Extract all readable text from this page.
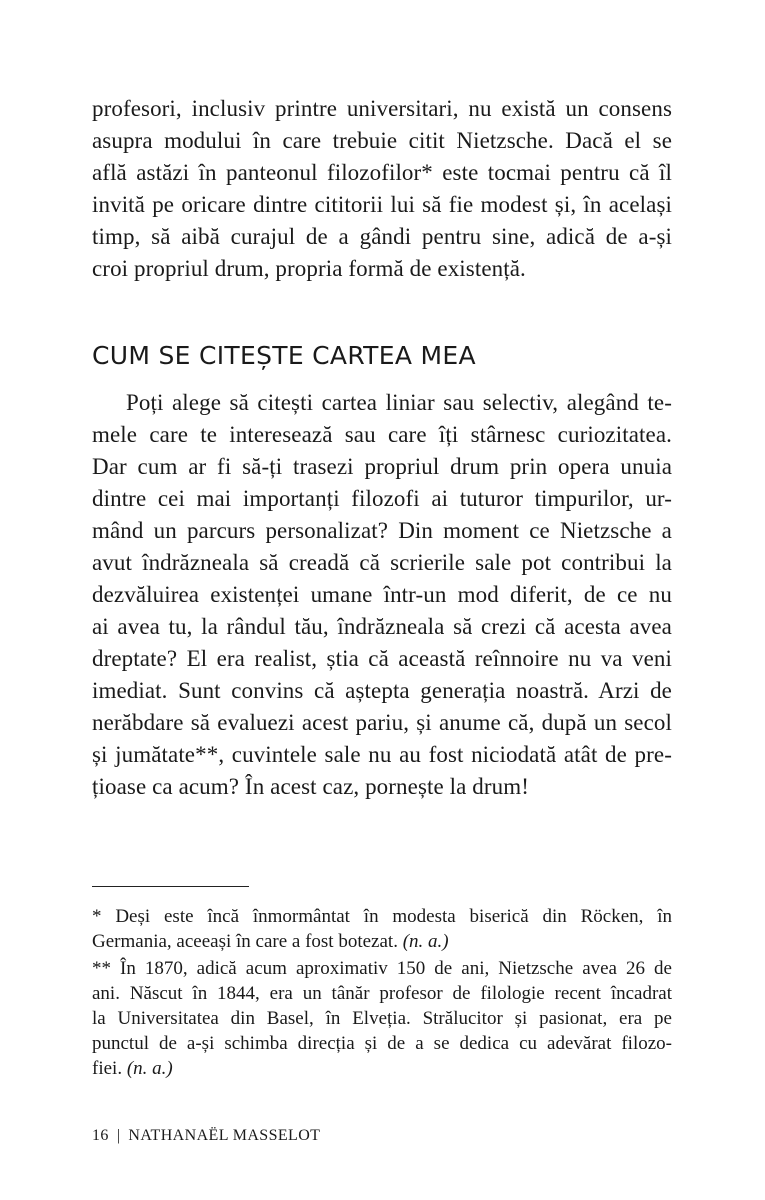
profesori, inclusiv printre universitari, nu există un consens
asupra modului în care trebuie citit Nietzsche. Dacă el se
află astăzi în panteonul filozofilor* este tocmai pentru că îl
invită pe oricare dintre cititorii lui să fie modest și, în același
timp, să aibă curajul de a gândi pentru sine, adică de a-și
croi propriul drum, propria formă de existență.
CUM SE CITEȘTE CARTEA MEA
Poți alege să citești cartea liniar sau selectiv, alegând te-
mele care te interesează sau care îți stârnesc curiozitatea.
Dar cum ar fi să-ți trasezi propriul drum prin opera unuia
dintre cei mai importanți filozofi ai tuturor timpurilor, ur-
mând un parcurs personalizat? Din moment ce Nietzsche a
avut îndrăzneala să creadă că scrierile sale pot contribui la
dezvăluirea existenței umane într-un mod diferit, de ce nu
ai avea tu, la rândul tău, îndrăzneala să crezi că acesta avea
dreptate? El era realist, știa că această reînnoire nu va veni
imediat. Sunt convins că aștepta generația noastră. Arzi de
nerăbdare să evaluezi acest pariu, și anume că, după un secol
și jumătate**, cuvintele sale nu au fost niciodată atât de pre-
țioase ca acum? În acest caz, pornește la drum!
* Deși este încă înmormântat în modesta biserică din Röcken, în
Germania, aceeași în care a fost botezat. (n. a.)
** În 1870, adică acum aproximativ 150 de ani, Nietzsche avea 26 de
ani. Născut în 1844, era un tânăr profesor de filologie recent încadrat
la Universitatea din Basel, în Elveția. Strălucitor și pasionat, era pe
punctul de a-și schimba direcția și de a se dedica cu adevărat filozo-
fiei. (n. a.)
16 | NATHANAËL MASSELOT
